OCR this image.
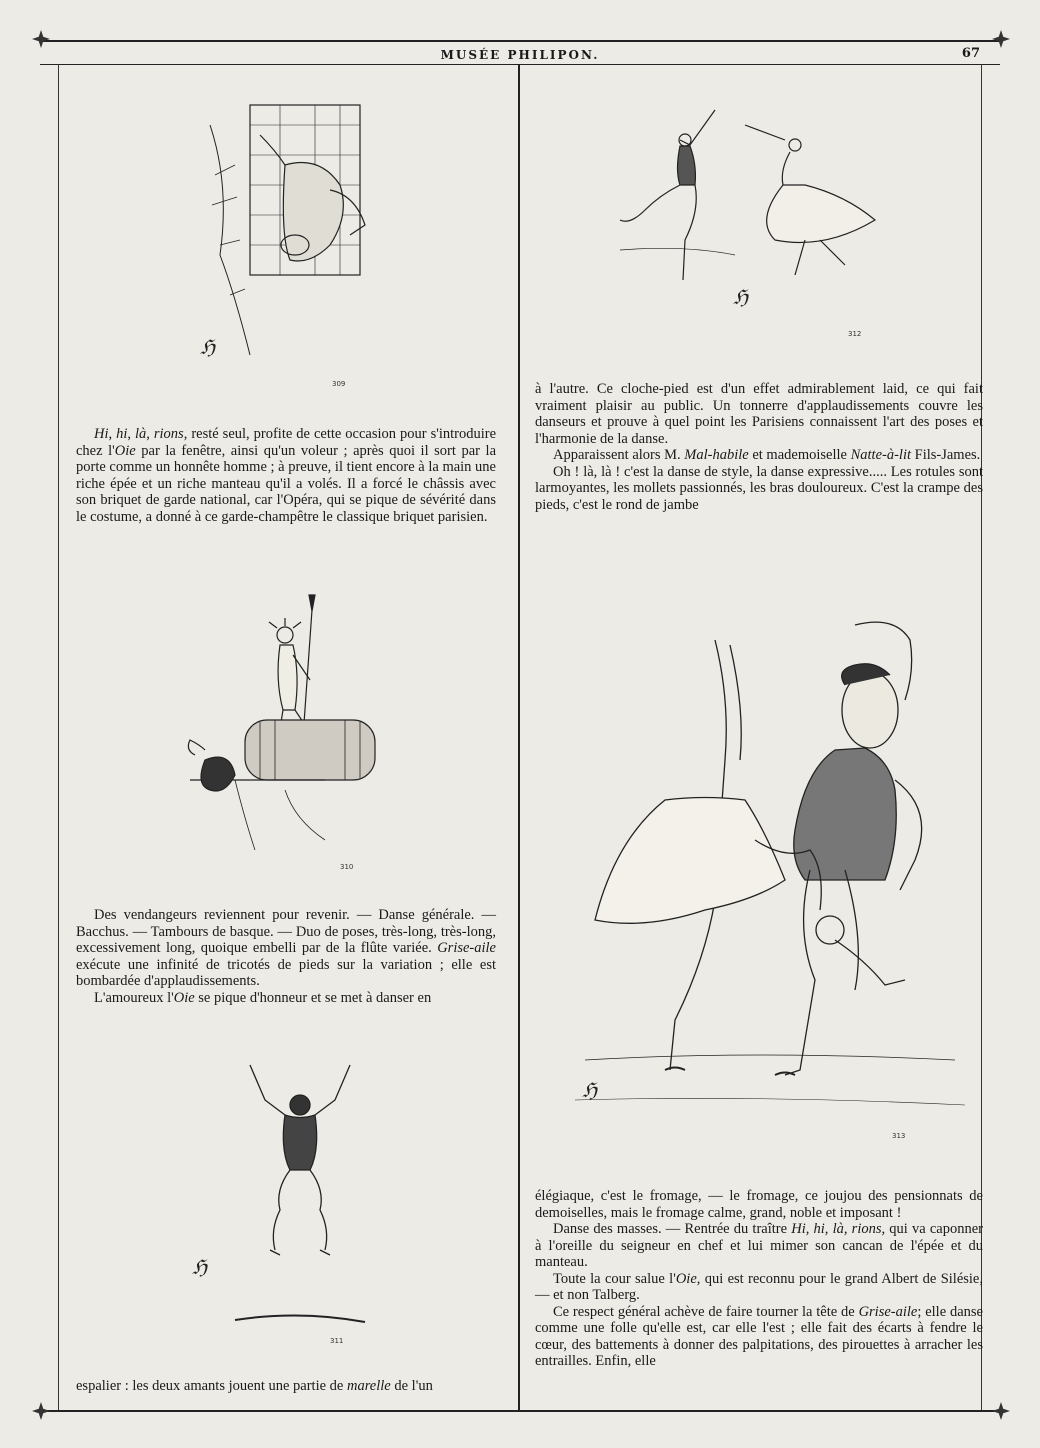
MUSÉE PHILIPON.	67
ℌ
309

Hi, hi, là, rions, resté seul, profite de cette occasion pour s'introduire chez l'Oie par la fenêtre, ainsi qu'un voleur ; après quoi il sort par la porte comme un honnête homme ; à preuve, il tient encore à la main une riche épée et un riche manteau qu'il a volés. Il a forcé le châssis avec son briquet de garde national, car l'Opéra, qui se pique de sévérité dans le costume, a donné à ce garde-champêtre le classique briquet parisien.

310

Des vendangeurs reviennent pour revenir. — Danse générale. — Bacchus. — Tambours de basque. — Duo de poses, très-long, très-long, excessivement long, quoique embelli par de la flûte variée. Grise-aile exécute une infinité de tricotés de pieds sur la variation ; elle est bombardée d'applaudissements.

L'amoureux l'Oie se pique d'honneur et se met à danser en

ℌ
311

espalier : les deux amants jouent une partie de marelle de l'un

ℌ
312

à l'autre. Ce cloche-pied est d'un effet admirablement laid, ce qui fait vraiment plaisir au public. Un tonnerre d'applaudissements couvre les danseurs et prouve à quel point les Parisiens connaissent l'art des poses et l'harmonie de la danse.

Apparaissent alors M. Mal-habile et mademoiselle Natte-à-lit Fils-James.

Oh ! là, là ! c'est la danse de style, la danse expressive..... Les rotules sont larmoyantes, les mollets passionnés, les bras douloureux. C'est la crampe des pieds, c'est le rond de jambe

ℌ
313

élégiaque, c'est le fromage, — le fromage, ce joujou des pensionnats de demoiselles, mais le fromage calme, grand, noble et imposant !

Danse des masses. — Rentrée du traître Hi, hi, là, rions, qui va caponner à l'oreille du seigneur en chef et lui mimer son cancan de l'épée et du manteau.

Toute la cour salue l'Oie, qui est reconnu pour le grand Albert de Silésie, — et non Talberg.

Ce respect général achève de faire tourner la tête de Grise-aile; elle danse comme une folle qu'elle est, car elle l'est ; elle fait des écarts à fendre le cœur, des battements à donner des palpitations, des pirouettes à arracher les entrailles. Enfin, elle
